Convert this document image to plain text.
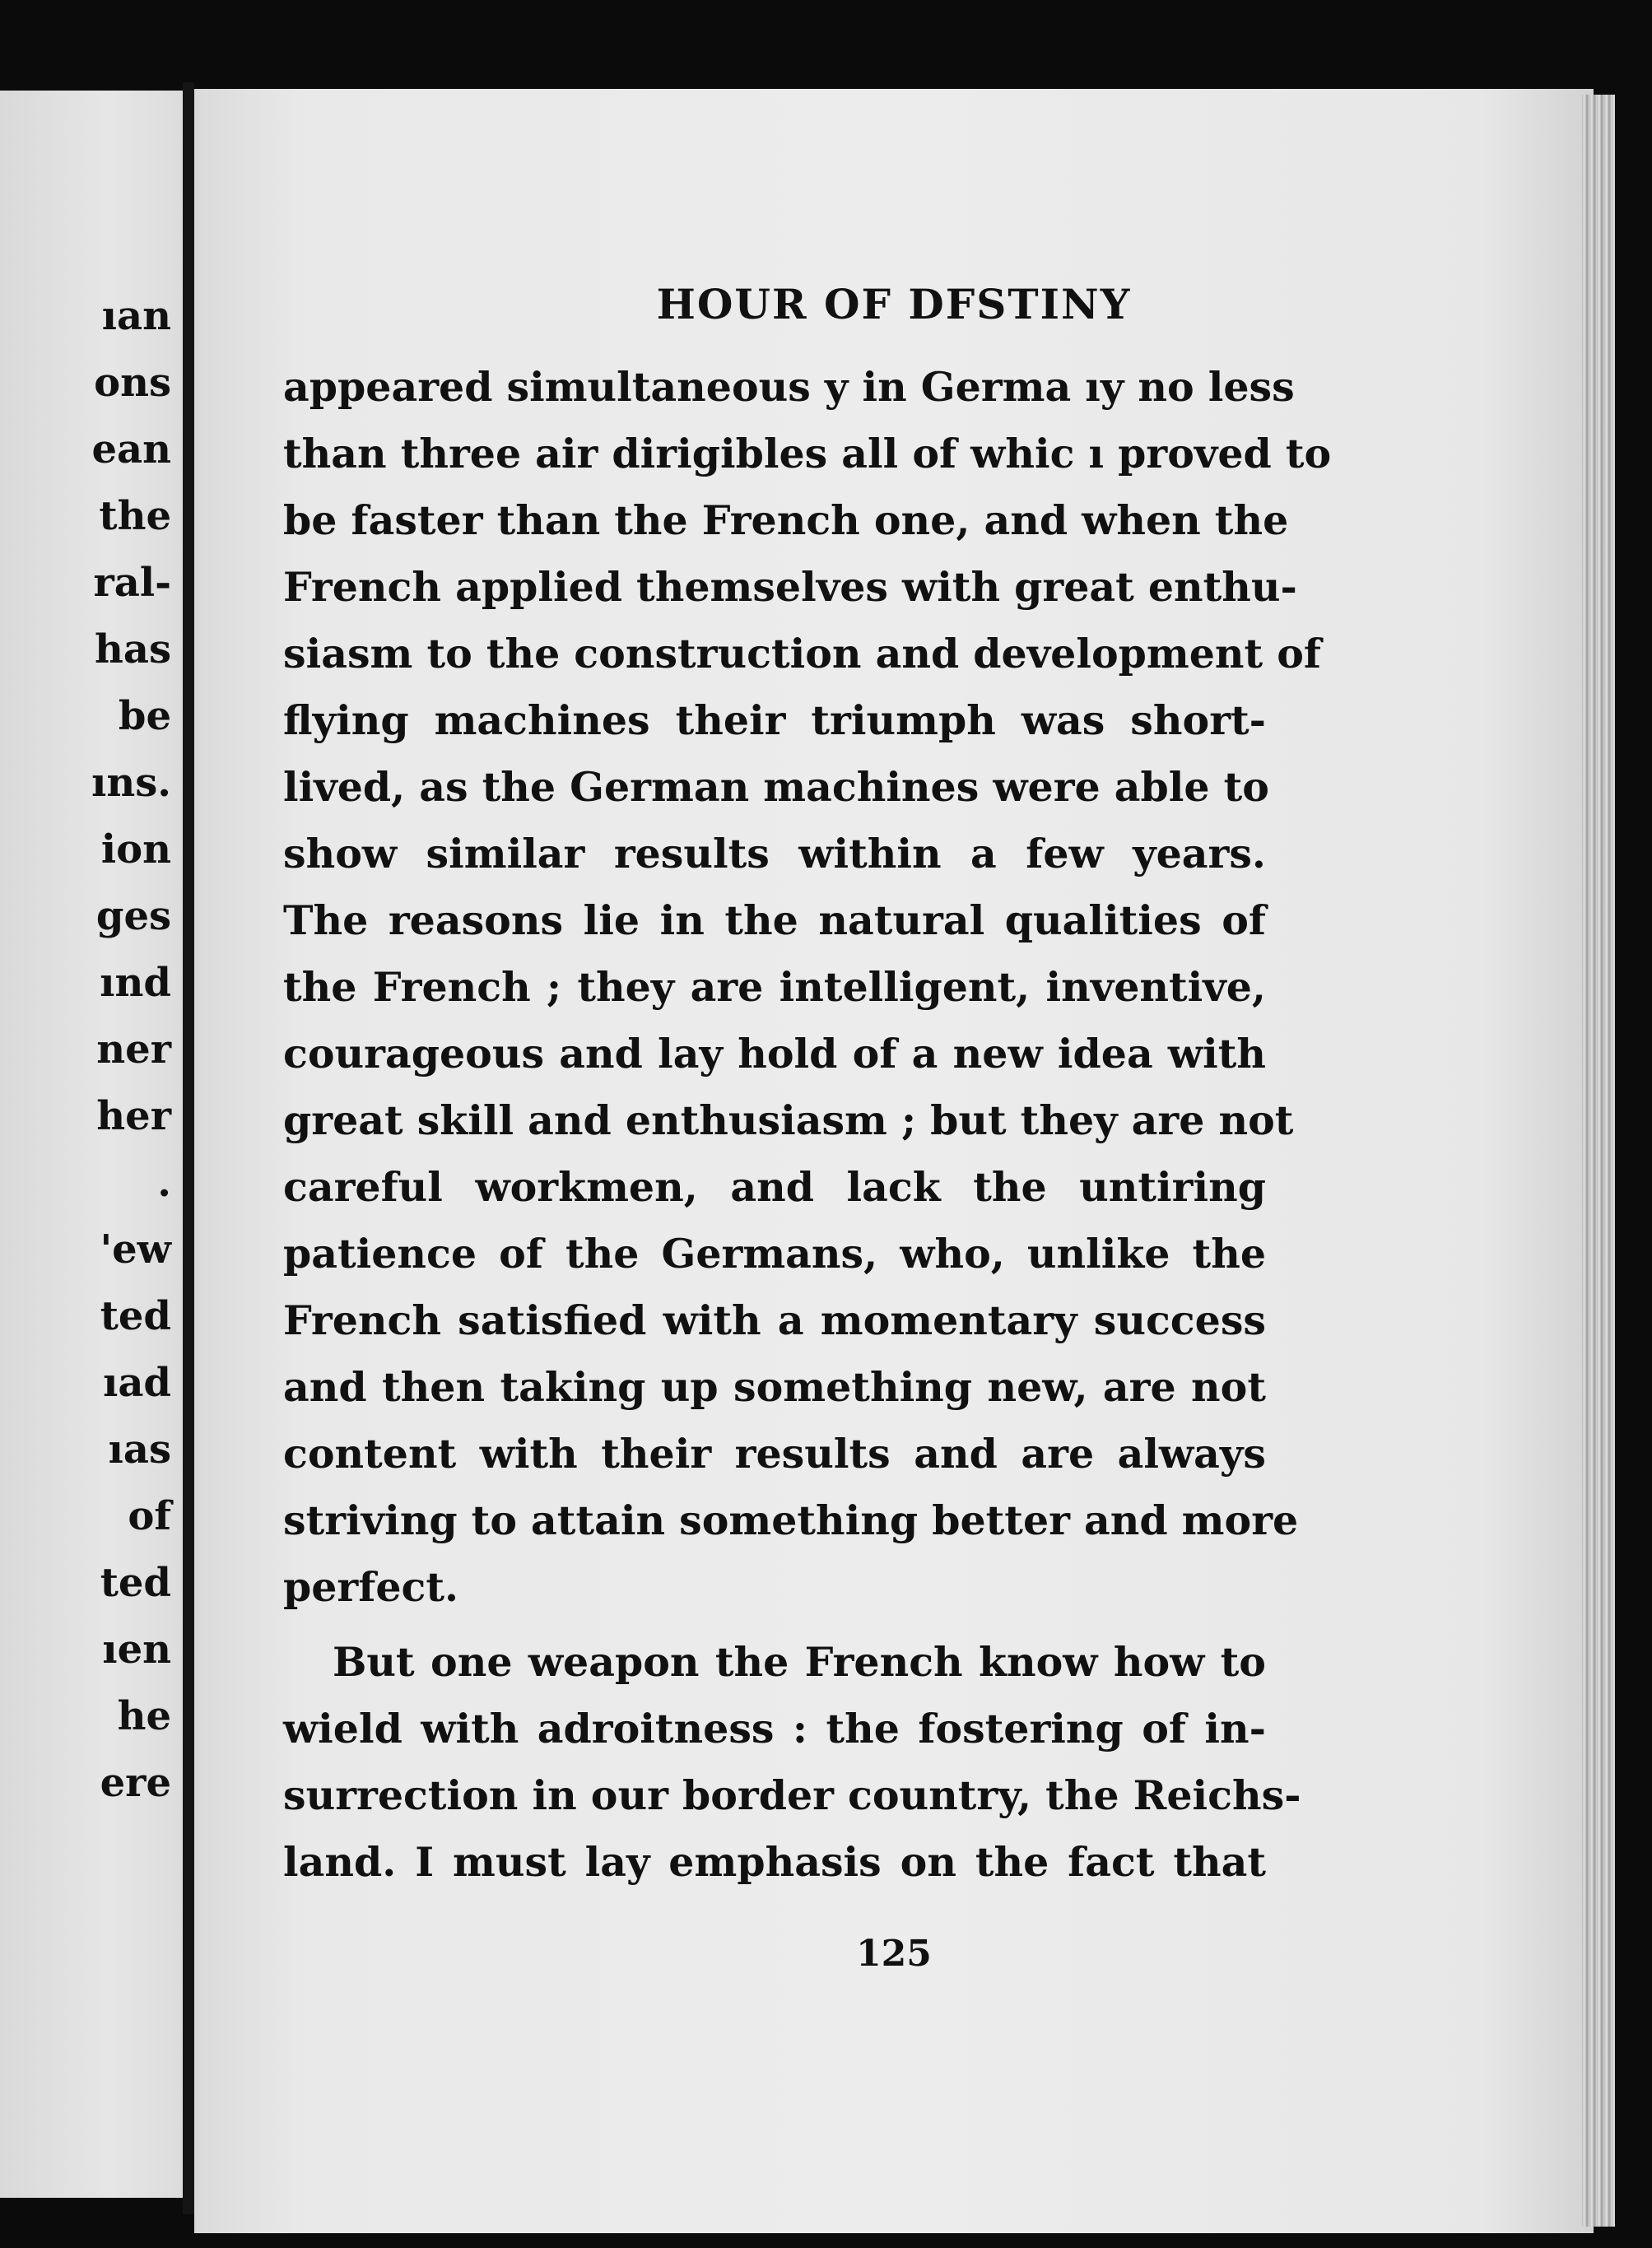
ıan
ons
ean
the
ral-
has
be
ıns.
ion
ges
ınd
ner
her
.
'ew
ted
ıad
ıas
of
ted
ıen
he
ere
HOUR OF DFSTINY
appeared simultaneous y in Germa ıy no less
than three air dirigibles all of whic ı proved to
be faster than the French one, and when the
French applied themselves with great enthu-
siasm to the construction and development of
flying machines their triumph was short-
lived, as the German machines were able to
show similar results within a few years.
The reasons lie in the natural qualities of
the French ; they are intelligent, inventive,
courageous and lay hold of a new idea with
great skill and enthusiasm ; but they are not
careful workmen, and lack the untiring
patience of the Germans, who, unlike the
French satisfied with a momentary success
and then taking up something new, are not
content with their results and are always
striving to attain something better and more
perfect.
But one weapon the French know how to
wield with adroitness : the fostering of in-
surrection in our border country, the Reichs-
land. I must lay emphasis on the fact that
125
